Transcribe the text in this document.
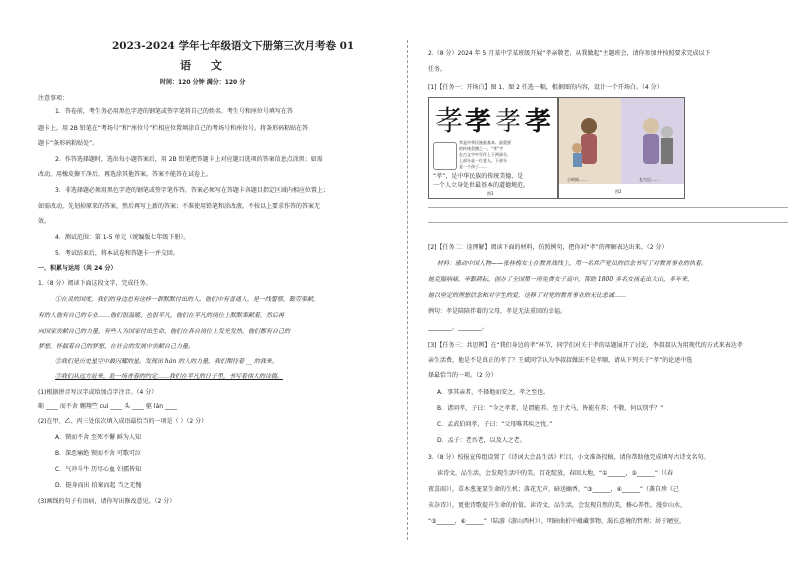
2023-2024 学年七年级语文下册第三次月考卷 01
语 文
时间：120 分钟 满分：120 分
注意事项：
1．答卷前，考生务必用黑色字迹的钢笔或签字笔将自己的姓名、考生号和座位号填写在答
题卡上。用 2B 铅笔在“考场号”和“座位号”栏相应位置填涂自己的考场号和座位号。将条形码粘贴在答
题卡“条形码粘贴处”。
2．作答选择题时，选出每小题答案后，用 2B 铅笔把答题卡上对应题目选项的答案信息点涂黑；如需
改动，用橡皮擦干净后，再选涂其他答案。答案不能答在试卷上。
3．非选择题必须用黑色字迹的钢笔或签字笔作答，答案必须写在答题卡各题目指定区域内相应位置上；
如需改动，先划掉原来的答案，然后再写上新的答案；不准使用铅笔和涂改液。不按以上要求作答的答案无
效。
4．测试范围：第 1-5 单元（统编版七年级下册）。
5．考试结束后，将本试卷和答题卡一并交回。
一、积累与运用（共 24 分）
1.（8 分）阅读下面这段文字，完成任务。
①在灵的国度，我们的身边总有这样一群默默付出的人。他们中有普通人，是一线警察，勤劳奉献，
有的人他有自己的专业……他们很温暖、也很平凡，他们在平凡的岗位上默默奉献着，然后再
向国家贡献自己的力量，有些人为国家付出生命，他们在各自岗位上发光发热，他们都有自己的
梦想，怀揣着自己的梦想，在社会的发展中贡献自己力量。
②我们是历史星空中最闪耀的星。发现出 hán 的人的力量，我们期待着 __ 的我来。
③我们从远方赶来，赴一场青春的约定……我们在平凡的日子里，书写着伟大的诗篇。
(1)根据拼音写汉字或给加点字注音。（4 分）
砺 ____ 而不舍 翱翔竺 cuì ____ 头 ____ 驱 lán ____
(2)在甲、乙、丙三处依次填入成语最恰当的一项是（ ）（2 分）
A．锲而不舍 至死不懈 鲜为人知
B．深恶痛绝 锲而不舍 可歌可泣
C．气冲斗牛 历尽心血 妇孺皆知
D．挺身而出 拍案而起 当之无愧
(3)画线的句子有语病，请你写出修改意见。（2 分）
2.（8 分）2024 年 5 月某中学某班级开展“孝亲敬老，从我做起”主题班会，请你参加并按照要求完成以下
任务。
[1]【任务一：开场白】图 1、图 2 任选一幅，根据图的内容，设计一个开场白。（4 分）
孝 孝 孝 孝
孝是中华民族最基本、最重要
的传统美德之一，“孝”字
在古文字中写作上下两部分，
上部分是一位老人，下部分
是一个孩子……
“孝”，是中华民族的传统美德，是
一个人立身处世最基本的道德规范。
图1
小时候……	长大后……
图2
[2]【任务二：诠理解】阅读下面的材料，仿照例句，把你对“孝”的理解表达出来。（2 分）
材料：感动中国人物——张桂梅女士在教育战线上，用一名共产党员的信念书写了对教育事业的执着。
她克服病痛，辛勤耕耘，创办了全国第一所免费女子高中，帮助 1800 多名女孩走出大山，多年来，
她以坚定的理想信念和对学生的爱，诠释了对党的教育事业的无比忠诚……
例句：孝是陪陪伴着的父母，孝是无法重回的幸福。
________，________。
[3]【任务三：共思辨】在“我们身边的孝”环节，同学们对关于孝的话题展开了讨论，李叔叔认为用现代的方式来表达孝
亲生活费，他是不是真正的孝了？王斌同学认为李叔叔做法不是孝顺，请从下列关于“孝”的论述中选
择最恰当的一项。（2 分）
A．事其亲者，不择地而安之，孝之至也。
B．诸问孝，子曰：“今之孝者，是谓能养。至于犬马，皆能有养；不敬，何以别乎？”
C．孟武伯问孝，子曰：“父母唯其疾之忧。”
D．孟子：老吾老，以及人之老。
3.（8 分）校报宣传组设置了《诗词大会品生活》栏目，小文准备投稿，请你帮助他完成填写古诗文名句。
读诗文，品生活，会发现生活中的美。百花绽放，春回大地，“①______，②______”（《春
夜喜雨》），草木葱茏显生命的生机；落花无声，暗送幽香，“③______，④______”（龚自珍《己
亥杂诗》），更使诗歌提升生命的价值。读诗文，品生活，会发现自然的美，修心养性。漫步山水，
“⑤______，⑥______”（陆游《游山西村》），明暗曲折中蕴藏事物，渴长意境的哲理；居于陋室，
